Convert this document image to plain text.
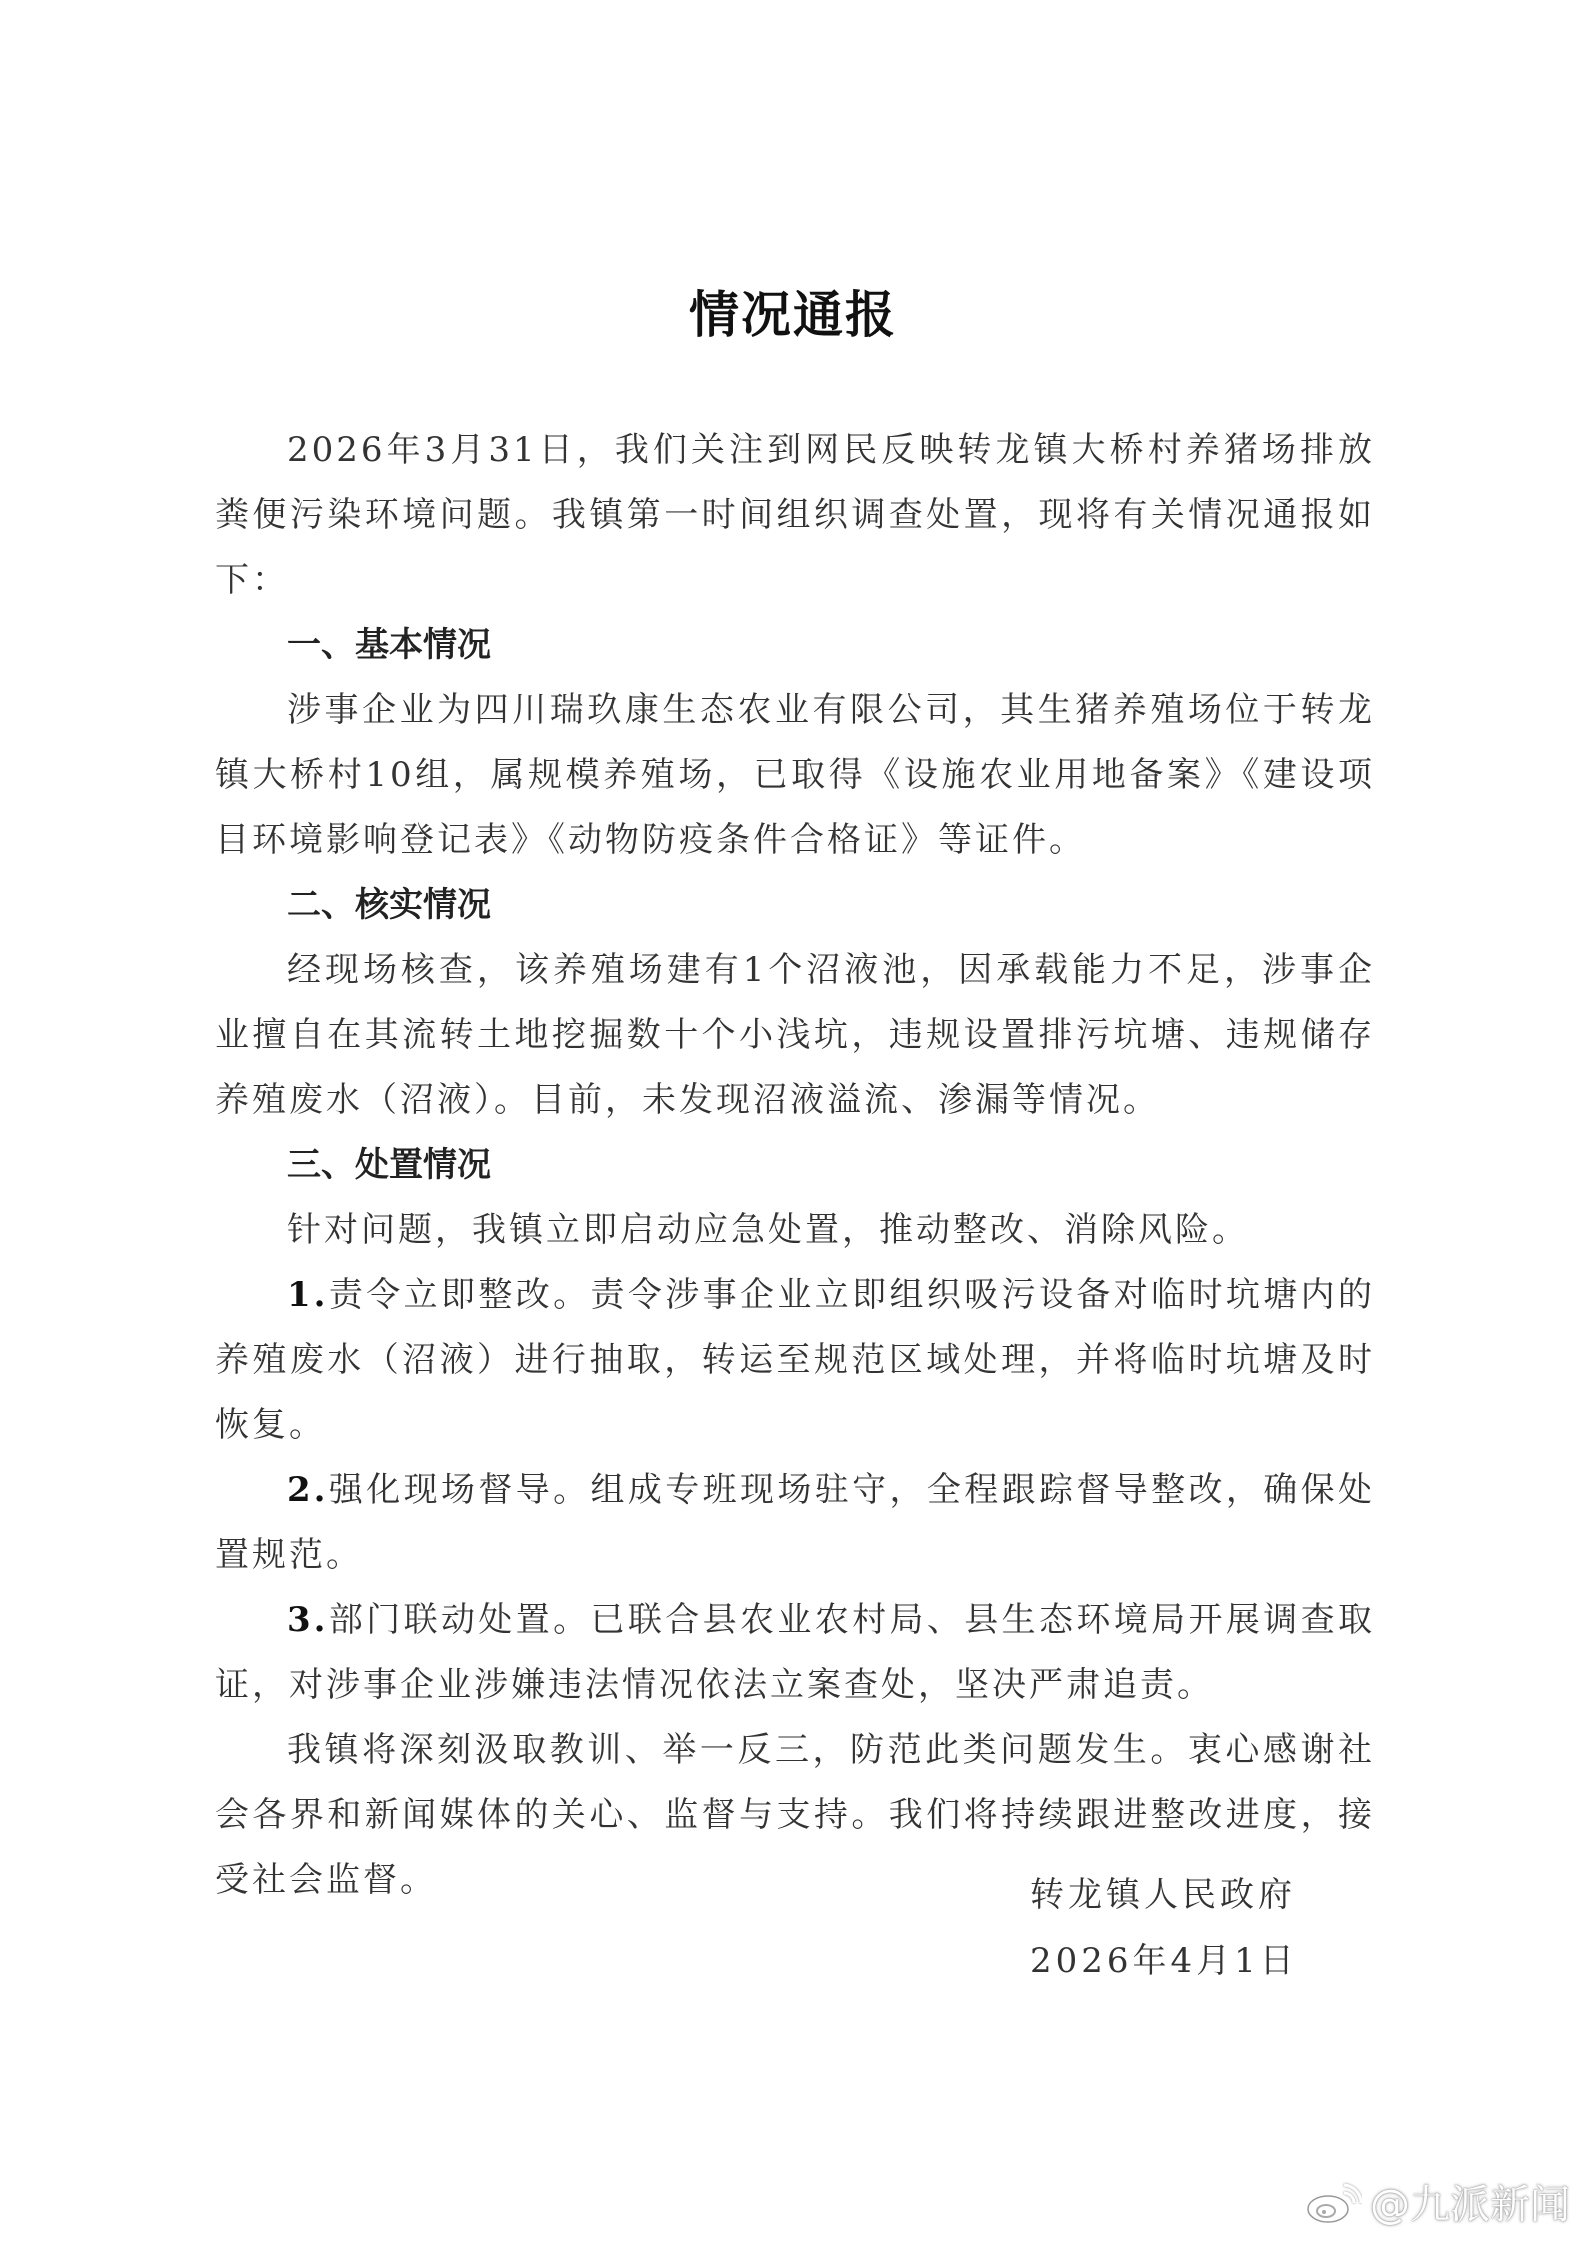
情况通报

2026年3月31日，我们关注到网民反映转龙镇大桥村养猪场排放粪便污染环境问题。我镇第一时间组织调查处置，现将有关情况通报如下：

一、基本情况

涉事企业为四川瑞玖康生态农业有限公司，其生猪养殖场位于转龙镇大桥村10组，属规模养殖场，已取得《设施农业用地备案》《建设项目环境影响登记表》《动物防疫条件合格证》等证件。

二、核实情况

经现场核查，该养殖场建有1个沼液池，因承载能力不足，涉事企业擅自在其流转土地挖掘数十个小浅坑，违规设置排污坑塘、违规储存养殖废水（沼液）。目前，未发现沼液溢流、渗漏等情况。

三、处置情况

针对问题，我镇立即启动应急处置，推动整改、消除风险。

1.责令立即整改。责令涉事企业立即组织吸污设备对临时坑塘内的养殖废水（沼液）进行抽取，转运至规范区域处理，并将临时坑塘及时恢复。

2.强化现场督导。组成专班现场驻守，全程跟踪督导整改，确保处置规范。

3.部门联动处置。已联合县农业农村局、县生态环境局开展调查取证，对涉事企业涉嫌违法情况依法立案查处，坚决严肃追责。

我镇将深刻汲取教训、举一反三，防范此类问题发生。衷心感谢社会各界和新闻媒体的关心、监督与支持。我们将持续跟进整改进度，接受社会监督。	转龙镇人民政府
2026年4月1日
@九派新闻
